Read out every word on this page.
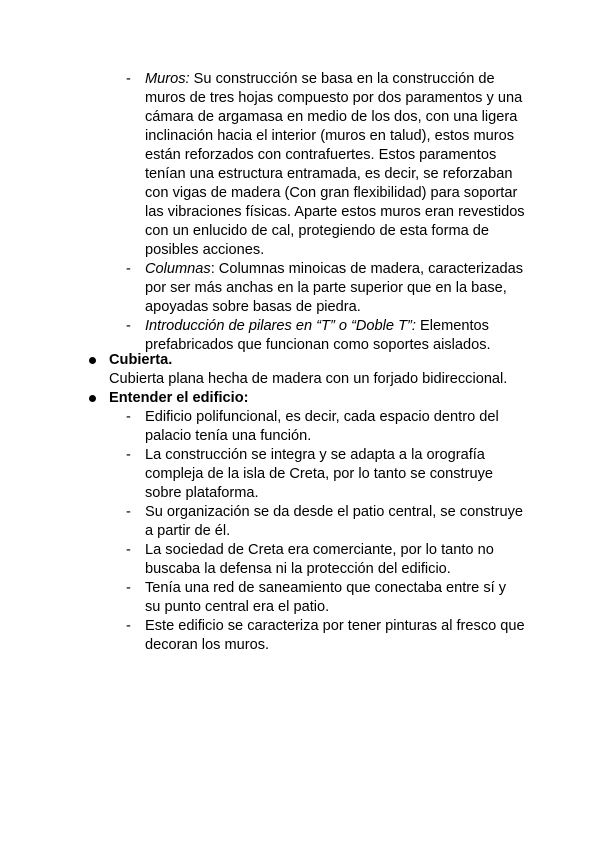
- Muros: Su construcción se basa en la construcción de muros de tres hojas compuesto por dos paramentos y una cámara de argamasa en medio de los dos, con una ligera inclinación hacia el interior (muros en talud), estos muros están reforzados con contrafuertes. Estos paramentos tenían una estructura entramada, es decir, se reforzaban con vigas de madera (Con gran flexibilidad) para soportar las vibraciones físicas. Aparte estos muros eran revestidos con un enlucido de cal, protegiendo de esta forma de posibles acciones.
- Columnas: Columnas minoicas de madera, caracterizadas por ser más anchas en la parte superior que en la base, apoyadas sobre basas de piedra.
- Introducción de pilares en “T” o “Doble T”: Elementos prefabricados que funcionan como soportes aislados.
Cubierta.
Cubierta plana hecha de madera con un forjado bidireccional.
Entender el edificio:
- Edificio polifuncional, es decir, cada espacio dentro del palacio tenía una función.
- La construcción se integra y se adapta a la orografía compleja de la isla de Creta, por lo tanto se construye sobre plataforma.
- Su organización se da desde el patio central, se construye a partir de él.
- La sociedad de Creta era comerciante, por lo tanto no buscaba la defensa ni la protección del edificio.
- Tenía una red de saneamiento que conectaba entre sí y su punto central era el patio.
- Este edificio se caracteriza por tener pinturas al fresco que decoran los muros.
